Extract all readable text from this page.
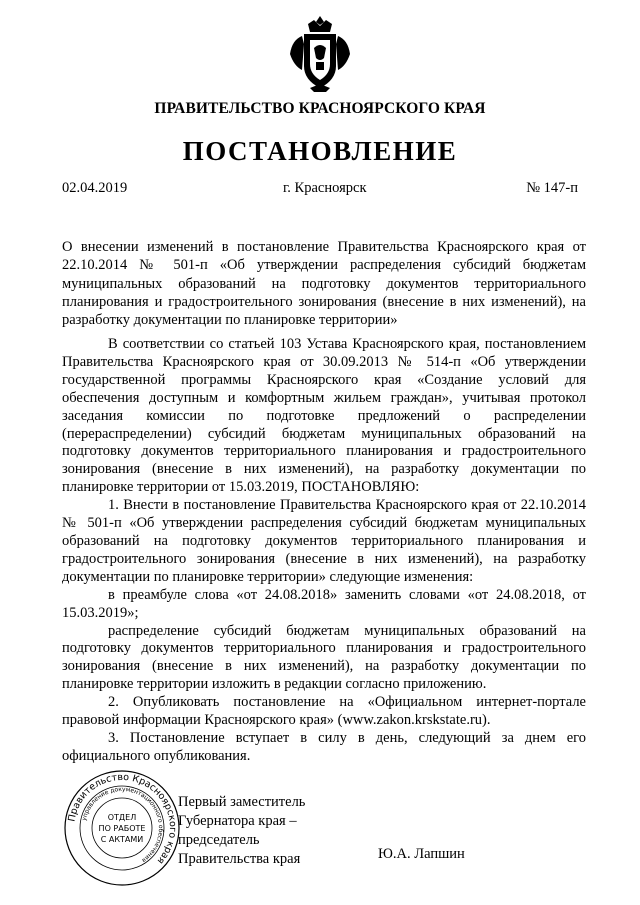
ПРАВИТЕЛЬСТВО КРАСНОЯРСКОГО КРАЯ
ПОСТАНОВЛЕНИЕ
02.04.2019	г. Красноярск	№ 147-п
О внесении изменений в постановление Правительства Красноярского края от 22.10.2014 № 501-п «Об утверждении распределения субсидий бюджетам муниципальных образований на подготовку документов территориального планирования и градостроительного зонирования (внесение в них изменений), на разработку документации по планировке территории»

В соответствии со статьей 103 Устава Красноярского края, постановлением Правительства Красноярского края от 30.09.2013 № 514-п «Об утверждении государственной программы Красноярского края «Создание условий для обеспечения доступным и комфортным жильем граждан», учитывая протокол заседания комиссии по подготовке предложений о распределении (перераспределении) субсидий бюджетам муниципальных образований на подготовку документов территориального планирования и градостроительного зонирования (внесение в них изменений), на разработку документации по планировке территории от 15.03.2019, ПОСТАНОВЛЯЮ:

1. Внести в постановление Правительства Красноярского края от 22.10.2014 № 501-п «Об утверждении распределения субсидий бюджетам муниципальных образований на подготовку документов территориального планирования и градостроительного зонирования (внесение в них изменений), на разработку документации по планировке территории» следующие изменения:

в преамбуле слова «от 24.08.2018» заменить словами «от 24.08.2018, от 15.03.2019»;

распределение субсидий бюджетам муниципальных образований на подготовку документов территориального планирования и градостроительного зонирования (внесение в них изменений), на разработку документации по планировке территории изложить в редакции согласно приложению.

2. Опубликовать постановление на «Официальном интернет-портале правовой информации Красноярского края» (www.zakon.krskstate.ru).

3. Постановление вступает в силу в день, следующий за днем его официального опубликования.

Правительство Красноярского края
управление документационного обеспечения
ОТДЕЛ
ПО РАБОТЕ
С АКТАМИ
Первый заместитель
Губернатора края –
председатель
Правительства края	Ю.А. Лапшин
